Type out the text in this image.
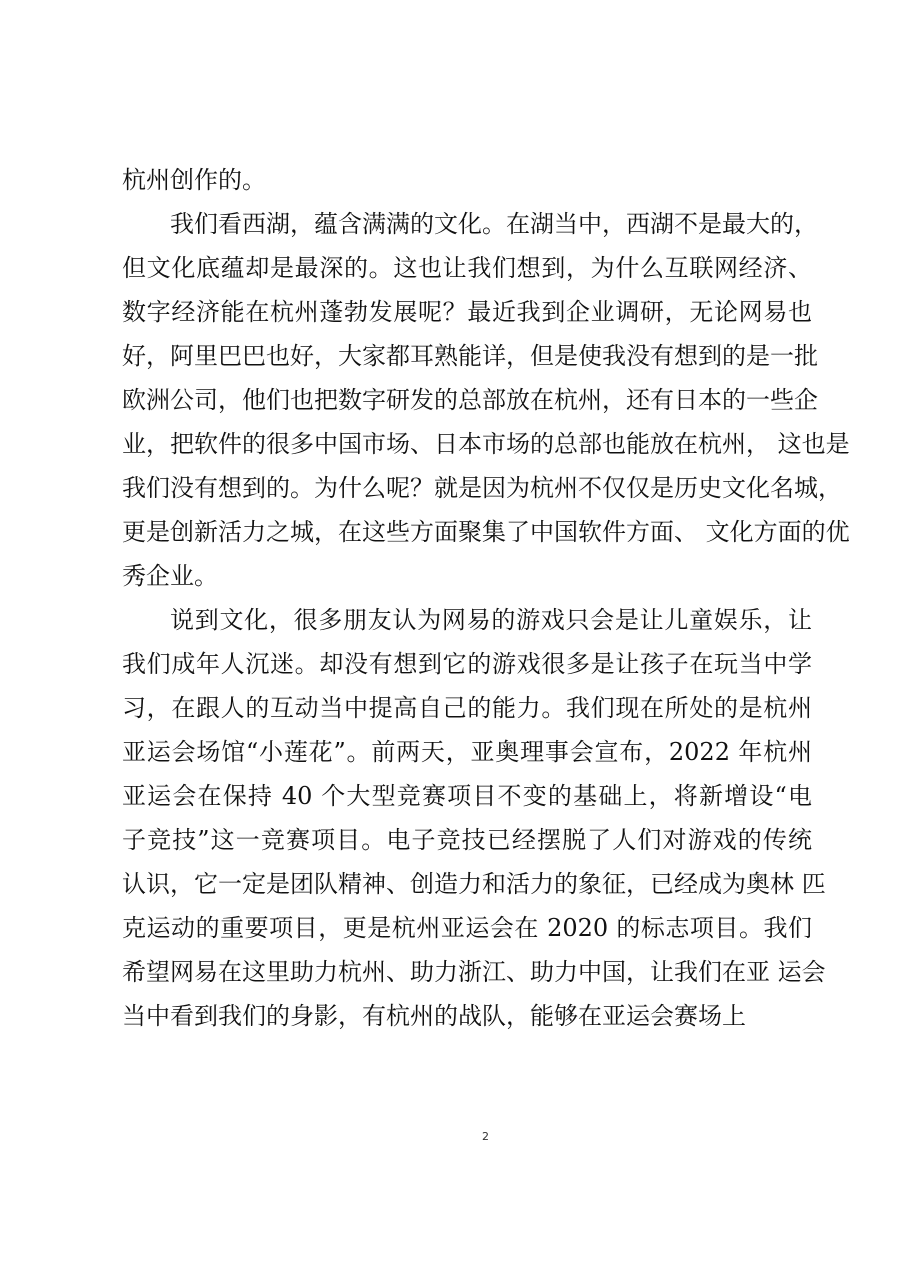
杭州创作的。
我们看西湖，蕴含满满的文化。在湖当中，西湖不是最大的，
但文化底蕴却是最深的。这也让我们想到，为什么互联网经济、
数字经济能在杭州蓬勃发展呢？最近我到企业调研，无论网易也
好，阿里巴巴也好，大家都耳熟能详，但是使我没有想到的是一批
欧洲公司，他们也把数字研发的总部放在杭州，还有日本的一些企
业，把软件的很多中国市场、日本市场的总部也能放在杭州， 这也是
我们没有想到的。为什么呢？就是因为杭州不仅仅是历史文化名城，
更是创新活力之城，在这些方面聚集了中国软件方面、 文化方面的优
秀企业。
说到文化，很多朋友认为网易的游戏只会是让儿童娱乐，让
我们成年人沉迷。却没有想到它的游戏很多是让孩子在玩当中学
习，在跟人的互动当中提高自己的能力。我们现在所处的是杭州
亚运会场馆“小莲花”。前两天，亚奥理事会宣布，2022 年杭州
亚运会在保持 40 个大型竞赛项目不变的基础上，将新增设“电
子竞技”这一竞赛项目。电子竞技已经摆脱了人们对游戏的传统
认识，它一定是团队精神、创造力和活力的象征，已经成为奥林 匹
克运动的重要项目，更是杭州亚运会在 2020 的标志项目。我们
希望网易在这里助力杭州、助力浙江、助力中国，让我们在亚 运会
当中看到我们的身影，有杭州的战队，能够在亚运会赛场上
2
